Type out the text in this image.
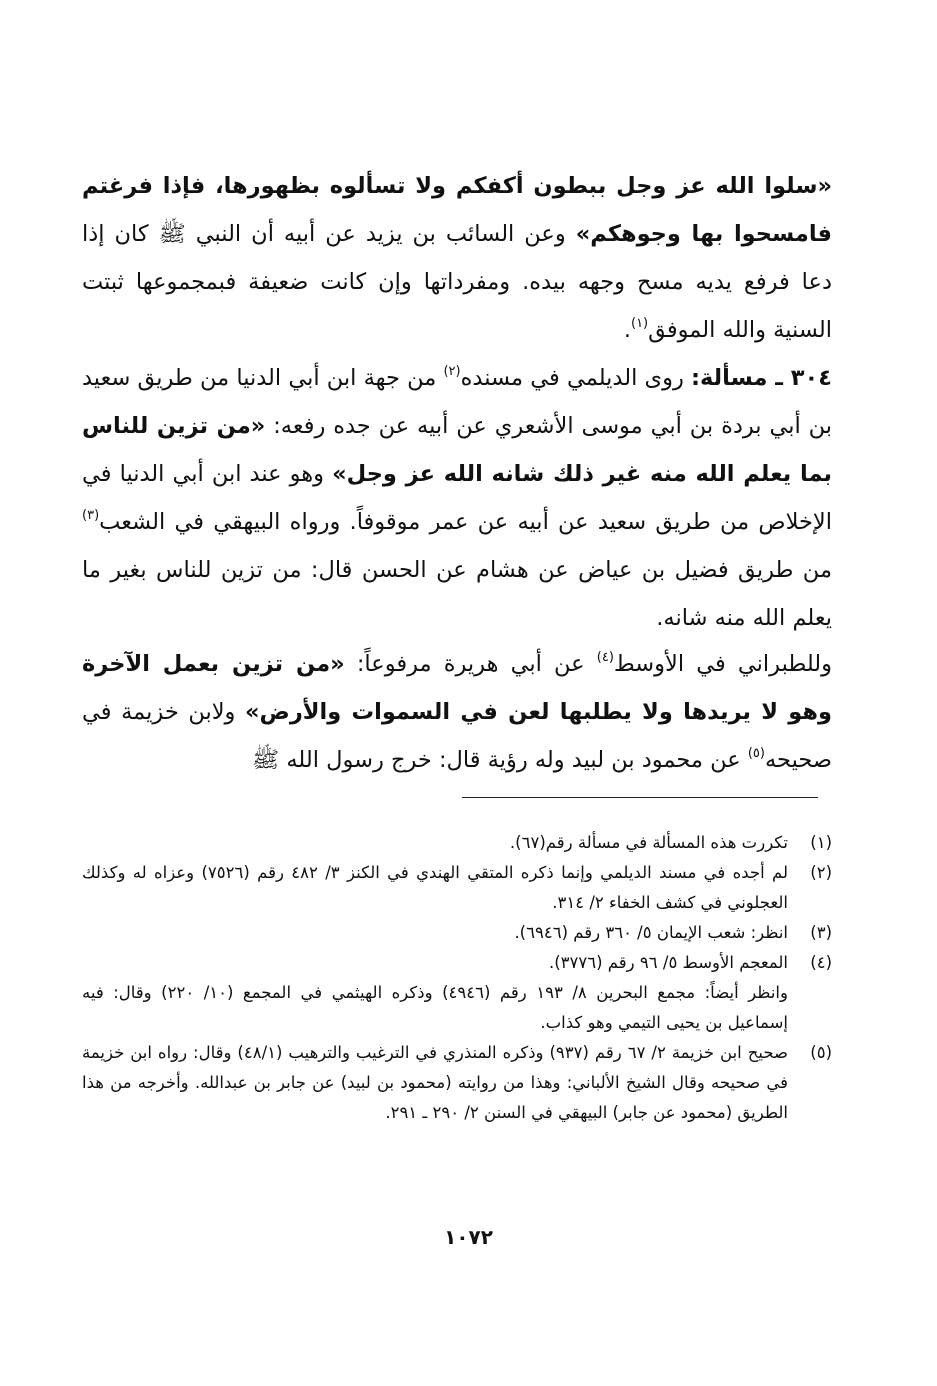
«سلوا الله عز وجل ببطون أكفكم ولا تسألوه بظهورها، فإذا فرغتم فامسحوا بها وجوهكم» وعن السائب بن يزيد عن أبيه أن النبي ﷺ كان إذا دعا فرفع يديه مسح وجهه بيده. ومفرداتها وإن كانت ضعيفة فبمجموعها ثبتت السنية والله الموفق$^{(١)}$.

٣٠٤ ـ مسألة: روى الديلمي في مسنده$^{(٢)}$ من جهة ابن أبي الدنيا من طريق سعيد بن أبي بردة بن أبي موسى الأشعري عن أبيه عن جده رفعه: «من تزين للناس بما يعلم الله منه غير ذلك شانه الله عز وجل» وهو عند ابن أبي الدنيا في الإخلاص من طريق سعيد عن أبيه عن عمر موقوفاً. ورواه البيهقي في الشعب$^{(٣)}$ من طريق فضيل بن عياض عن هشام عن الحسن قال: من تزين للناس بغير ما يعلم الله منه شانه.

وللطبراني في الأوسط$^{(٤)}$ عن أبي هريرة مرفوعاً: «من تزين بعمل الآخرة وهو لا يريدها ولا يطلبها لعن في السموات والأرض» ولابن خزيمة في صحيحه$^{(٥)}$ عن محمود بن لبيد وله رؤية قال: خرج رسول الله ﷺ

(١)
تكررت هذه المسألة في مسألة رقم(٦٧).
(٢)
لم أجده في مسند الديلمي وإنما ذكره المتقي الهندي في الكنز ٣/ ٤٨٢ رقم (٧٥٢٦) وعزاه له وكذلك العجلوني في كشف الخفاء ٢/ ٣١٤.
(٣)
انظر: شعب الإيمان ٥/ ٣٦٠ رقم (٦٩٤٦).
(٤)
المعجم الأوسط ٥/ ٩٦ رقم (٣٧٧٦).
وانظر أيضاً: مجمع البحرين ٨/ ١٩٣ رقم (٤٩٤٦) وذكره الهيثمي في المجمع (١٠/ ٢٢٠) وقال: فيه إسماعيل بن يحيى التيمي وهو كذاب.
(٥)
صحيح ابن خزيمة ٢/ ٦٧ رقم (٩٣٧) وذكره المنذري في الترغيب والترهيب (٤٨/١) وقال: رواه ابن خزيمة في صحيحه وقال الشيخ الألباني: وهذا من روايته (محمود بن لبيد) عن جابر بن عبدالله. وأخرجه من هذا الطريق (محمود عن جابر) البيهقي في السنن ٢/ ٢٩٠ ـ ٢٩١.
١٠٧٢
